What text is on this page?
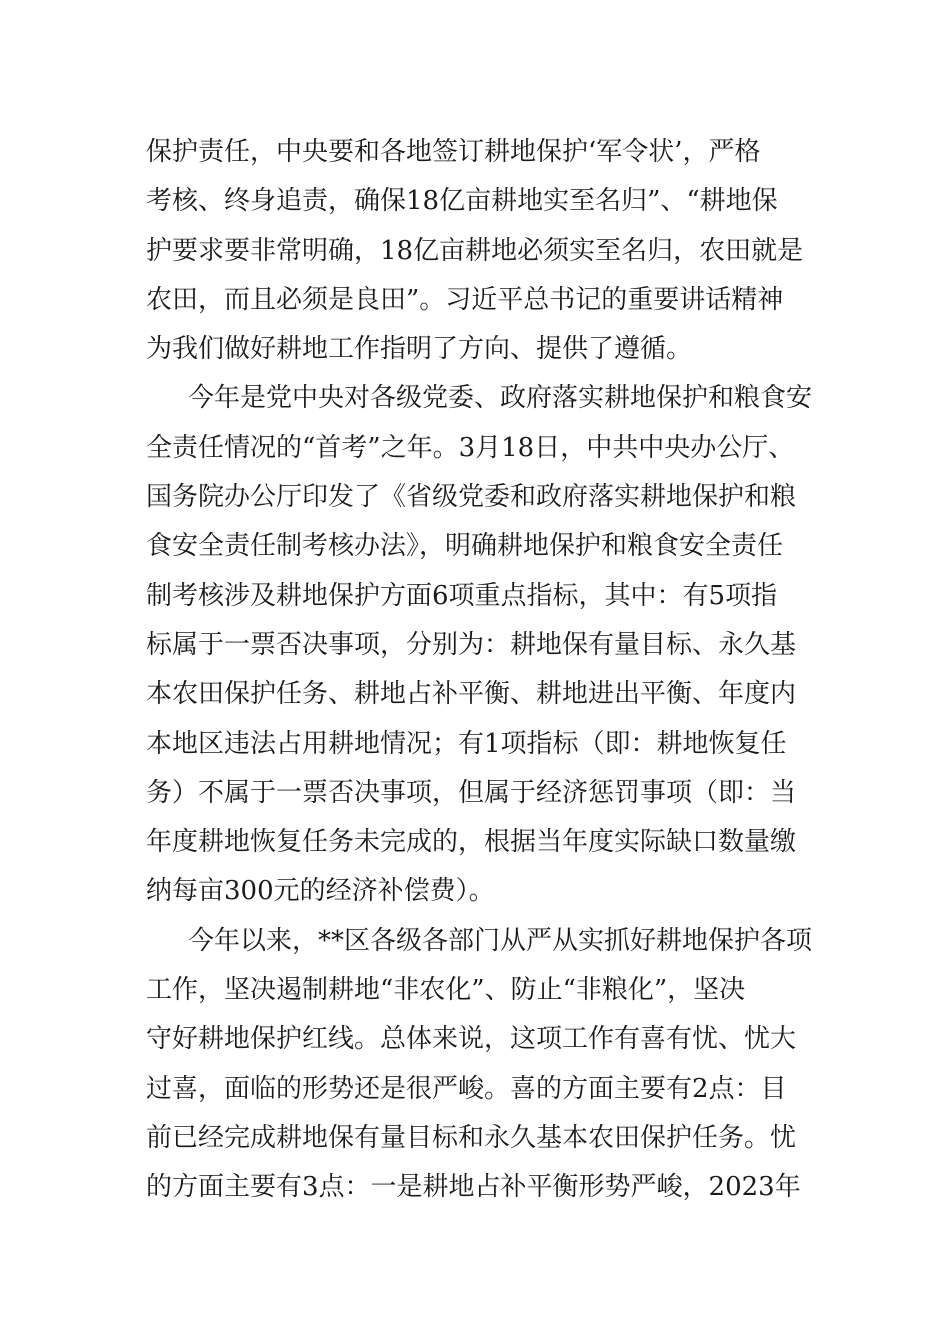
保护责任，中央要和各地签订耕地保护‘军令状’，严格
考核、终身追责，确保18亿亩耕地实至名归”、“耕地保
护要求要非常明确，18亿亩耕地必须实至名归，农田就是
农田，而且必须是良田”。习近平总书记的重要讲话精神
为我们做好耕地工作指明了方向、提供了遵循。
今年是党中央对各级党委、政府落实耕地保护和粮食安
全责任情况的“首考”之年。3月18日，中共中央办公厅、
国务院办公厅印发了《省级党委和政府落实耕地保护和粮
食安全责任制考核办法》，明确耕地保护和粮食安全责任
制考核涉及耕地保护方面6项重点指标，其中：有5项指
标属于一票否决事项，分别为：耕地保有量目标、永久基
本农田保护任务、耕地占补平衡、耕地进出平衡、年度内
本地区违法占用耕地情况；有1项指标（即：耕地恢复任
务）不属于一票否决事项，但属于经济惩罚事项（即：当
年度耕地恢复任务未完成的，根据当年度实际缺口数量缴
纳每亩300元的经济补偿费）。
今年以来，**区各级各部门从严从实抓好耕地保护各项
工作，坚决遏制耕地“非农化”、防止“非粮化”，坚决
守好耕地保护红线。总体来说，这项工作有喜有忧、忧大
过喜，面临的形势还是很严峻。喜的方面主要有2点：目
前已经完成耕地保有量目标和永久基本农田保护任务。忧
的方面主要有3点：一是耕地占补平衡形势严峻，2023年
